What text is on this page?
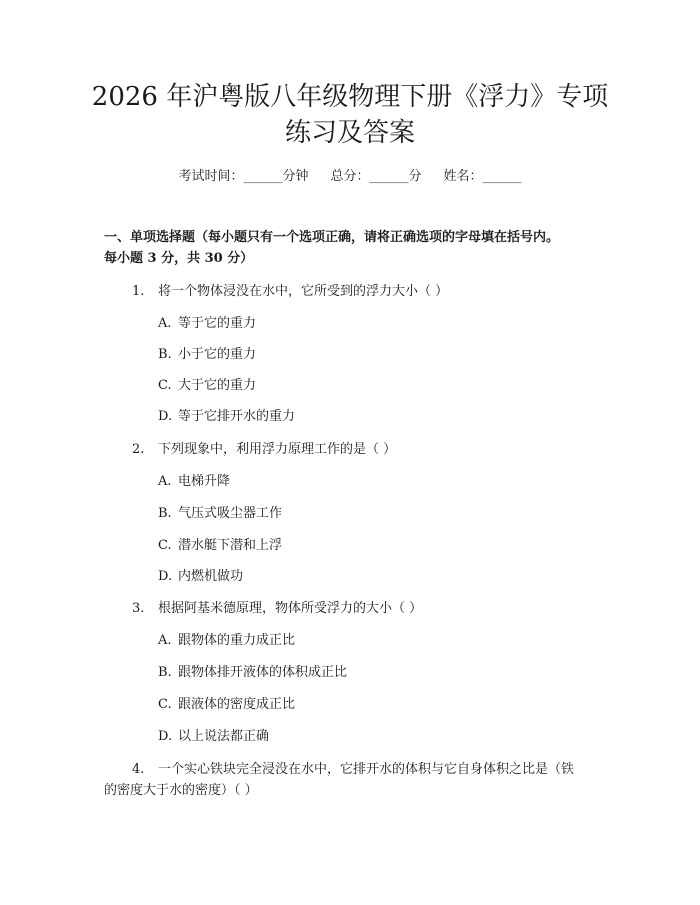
2026 年沪粤版八年级物理下册《浮力》专项
练习及答案
考试时间：______分钟 总分：______分 姓名：______
一、单项选择题（每小题只有一个选项正确，请将正确选项的字母填在括号内。
每小题 3 分，共 30 分）
1. 将一个物体浸没在水中，它所受到的浮力大小（ ）
A. 等于它的重力
B. 小于它的重力
C. 大于它的重力
D. 等于它排开水的重力
2. 下列现象中，利用浮力原理工作的是（ ）
A. 电梯升降
B. 气压式吸尘器工作
C. 潜水艇下潜和上浮
D. 内燃机做功
3. 根据阿基米德原理，物体所受浮力的大小（ ）
A. 跟物体的重力成正比
B. 跟物体排开液体的体积成正比
C. 跟液体的密度成正比
D. 以上说法都正确
4. 一个实心铁块完全浸没在水中，它排开水的体积与它自身体积之比是（铁
的密度大于水的密度）（ ）
